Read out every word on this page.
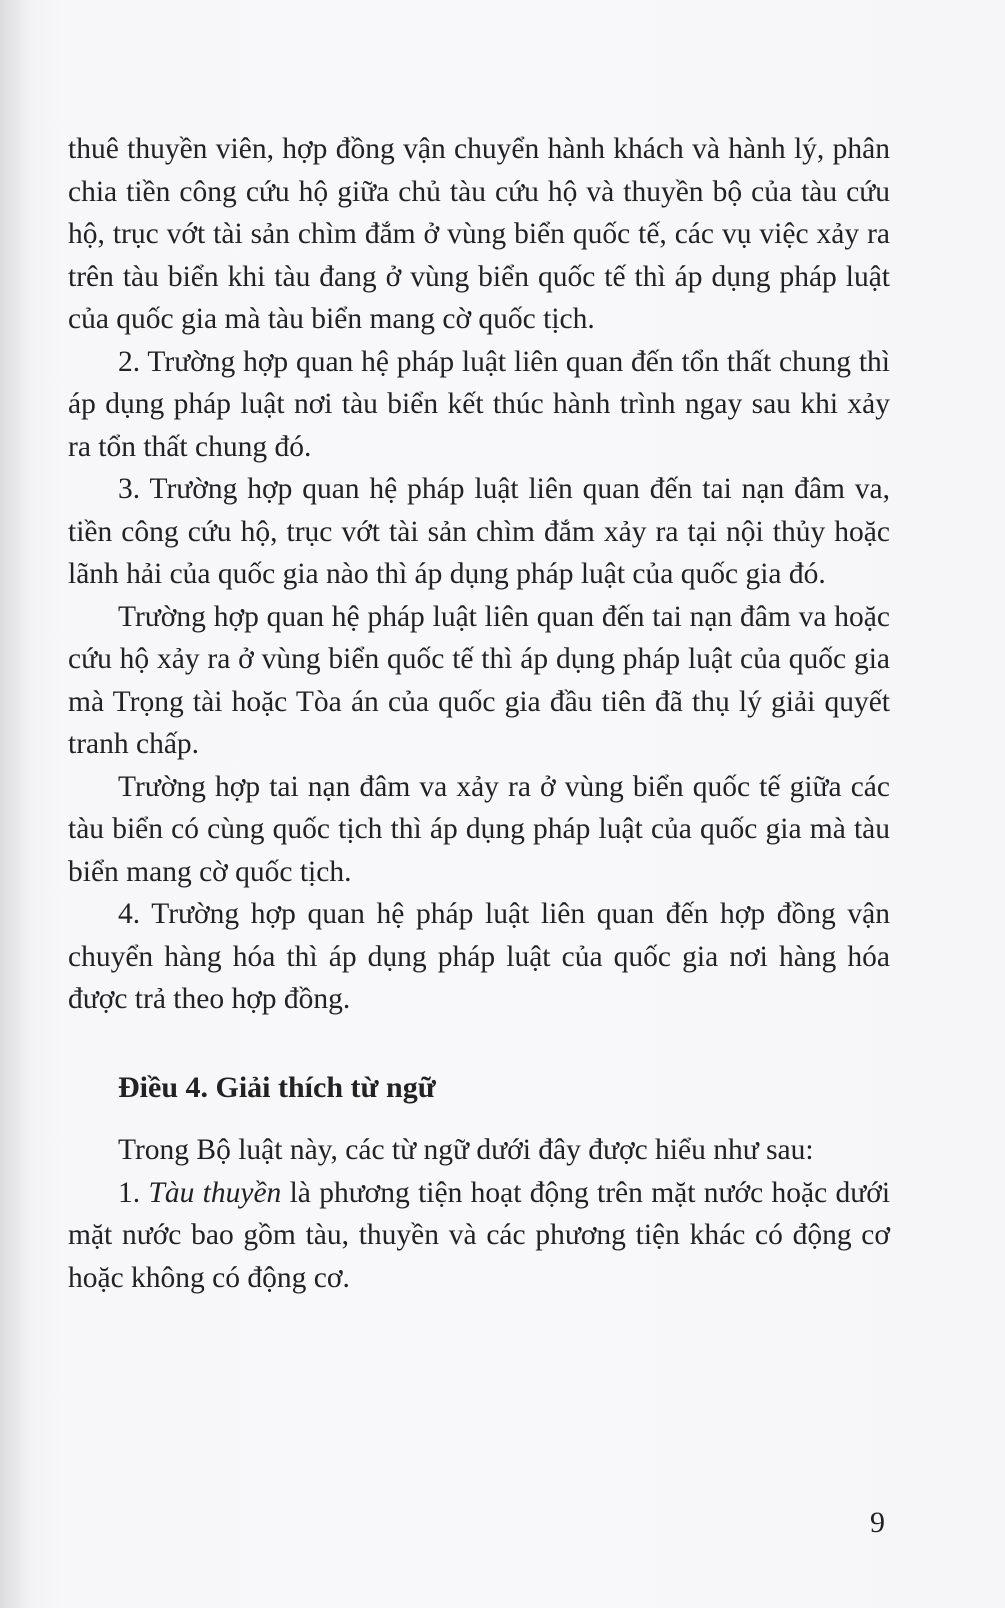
thuê thuyền viên, hợp đồng vận chuyển hành khách và hành lý, phân chia tiền công cứu hộ giữa chủ tàu cứu hộ và thuyền bộ của tàu cứu hộ, trục vớt tài sản chìm đắm ở vùng biển quốc tế, các vụ việc xảy ra trên tàu biển khi tàu đang ở vùng biển quốc tế thì áp dụng pháp luật của quốc gia mà tàu biển mang cờ quốc tịch.

2. Trường hợp quan hệ pháp luật liên quan đến tổn thất chung thì áp dụng pháp luật nơi tàu biển kết thúc hành trình ngay sau khi xảy ra tổn thất chung đó.

3. Trường hợp quan hệ pháp luật liên quan đến tai nạn đâm va, tiền công cứu hộ, trục vớt tài sản chìm đắm xảy ra tại nội thủy hoặc lãnh hải của quốc gia nào thì áp dụng pháp luật của quốc gia đó.

Trường hợp quan hệ pháp luật liên quan đến tai nạn đâm va hoặc cứu hộ xảy ra ở vùng biển quốc tế thì áp dụng pháp luật của quốc gia mà Trọng tài hoặc Tòa án của quốc gia đầu tiên đã thụ lý giải quyết tranh chấp.

Trường hợp tai nạn đâm va xảy ra ở vùng biển quốc tế giữa các tàu biển có cùng quốc tịch thì áp dụng pháp luật của quốc gia mà tàu biển mang cờ quốc tịch.

4. Trường hợp quan hệ pháp luật liên quan đến hợp đồng vận chuyển hàng hóa thì áp dụng pháp luật của quốc gia nơi hàng hóa được trả theo hợp đồng.

Điều 4. Giải thích từ ngữ

Trong Bộ luật này, các từ ngữ dưới đây được hiểu như sau:

1. Tàu thuyền là phương tiện hoạt động trên mặt nước hoặc dưới mặt nước bao gồm tàu, thuyền và các phương tiện khác có động cơ hoặc không có động cơ.

9
